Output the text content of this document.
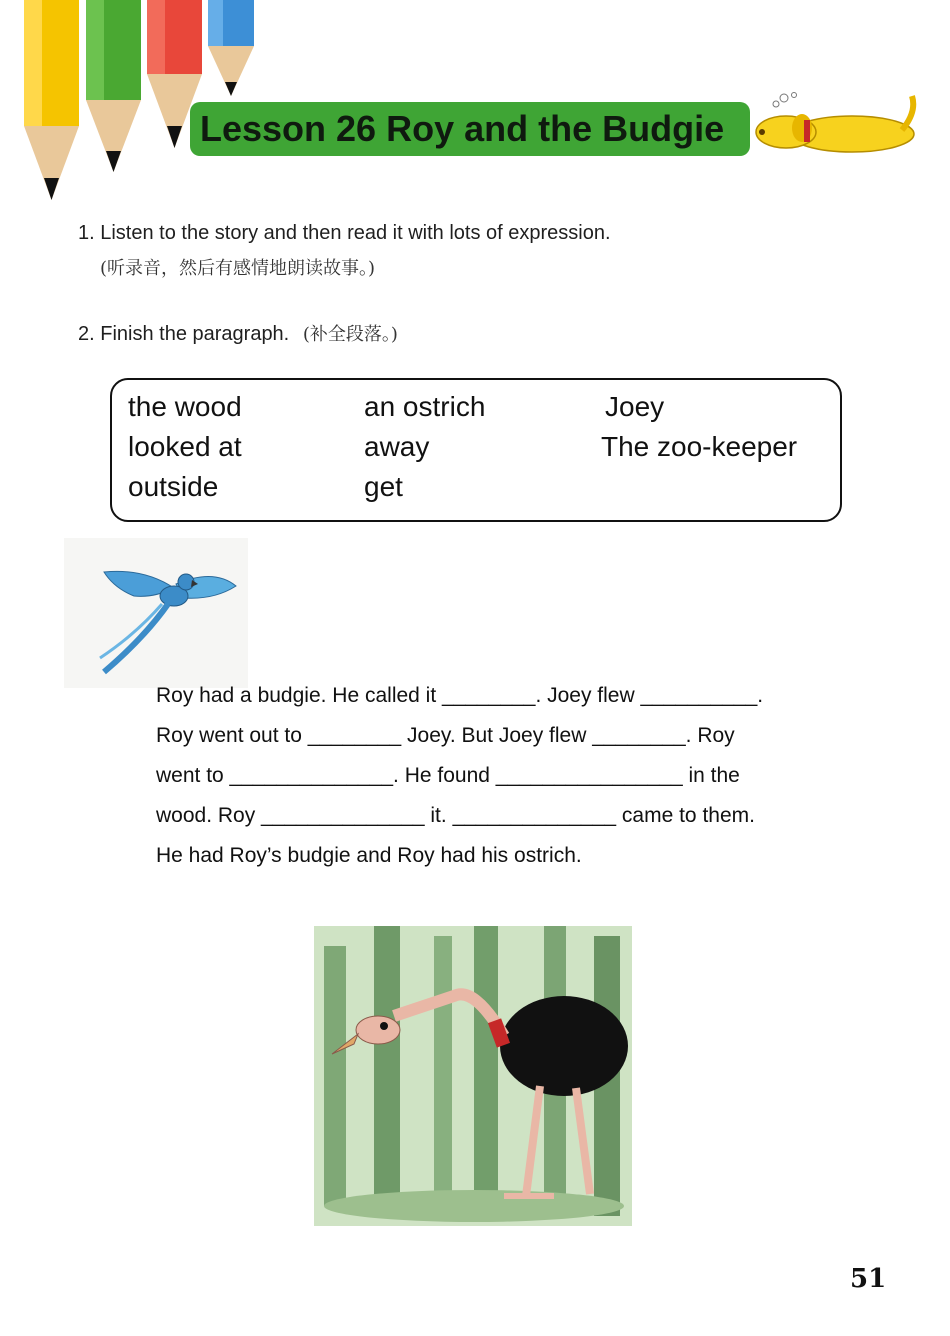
Lesson 26 Roy and the Budgie
1. Listen to the story and then read it with lots of expression.
(听录音，然后有感情地朗读故事。)
2. Finish the paragraph. (补全段落。)
the wood
looked at
outside
an ostrich
away
get
Joey
The zoo-keeper

Roy had a budgie. He called it ________. Joey flew __________.

Roy went out to ________ Joey. But Joey flew ________. Roy

went to ______________. He found ________________ in the

wood. Roy ______________ it. ______________ came to them.

He had Roy’s budgie and Roy had his ostrich.

51
